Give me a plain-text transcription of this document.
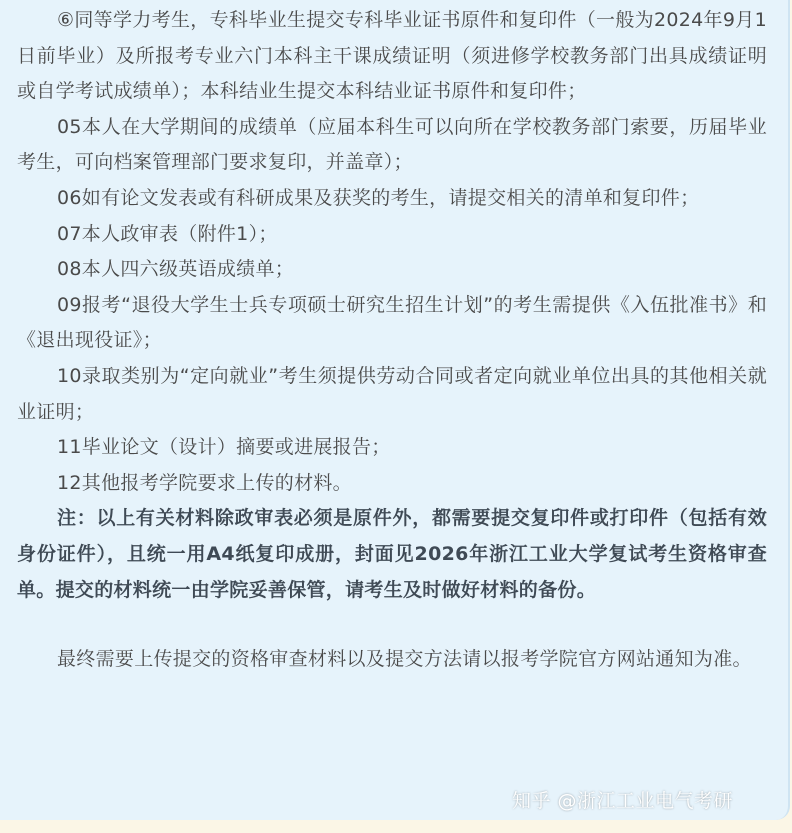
⑥同等学力考生，专科毕业生提交专科毕业证书原件和复印件（一般为2024年9月1日前毕业）及所报考专业六门本科主干课成绩证明（须进修学校教务部门出具成绩证明或自学考试成绩单）；本科结业生提交本科结业证书原件和复印件；

05本人在大学期间的成绩单（应届本科生可以向所在学校教务部门索要，历届毕业考生，可向档案管理部门要求复印，并盖章）；

06如有论文发表或有科研成果及获奖的考生，请提交相关的清单和复印件；

07本人政审表（附件1）；

08本人四六级英语成绩单；

09报考“退役大学生士兵专项硕士研究生招生计划”的考生需提供《入伍批准书》和《退出现役证》；

10录取类别为“定向就业”考生须提供劳动合同或者定向就业单位出具的其他相关就业证明；

11毕业论文（设计）摘要或进展报告；

12其他报考学院要求上传的材料。

注：以上有关材料除政审表必须是原件外，都需要提交复印件或打印件（包括有效身份证件），且统一用A4纸复印成册，封面见2026年浙江工业大学复试考生资格审查单。提交的材料统一由学院妥善保管，请考生及时做好材料的备份。

最终需要上传提交的资格审查材料以及提交方法请以报考学院官方网站通知为准。

知乎 @浙江工业电气考研
